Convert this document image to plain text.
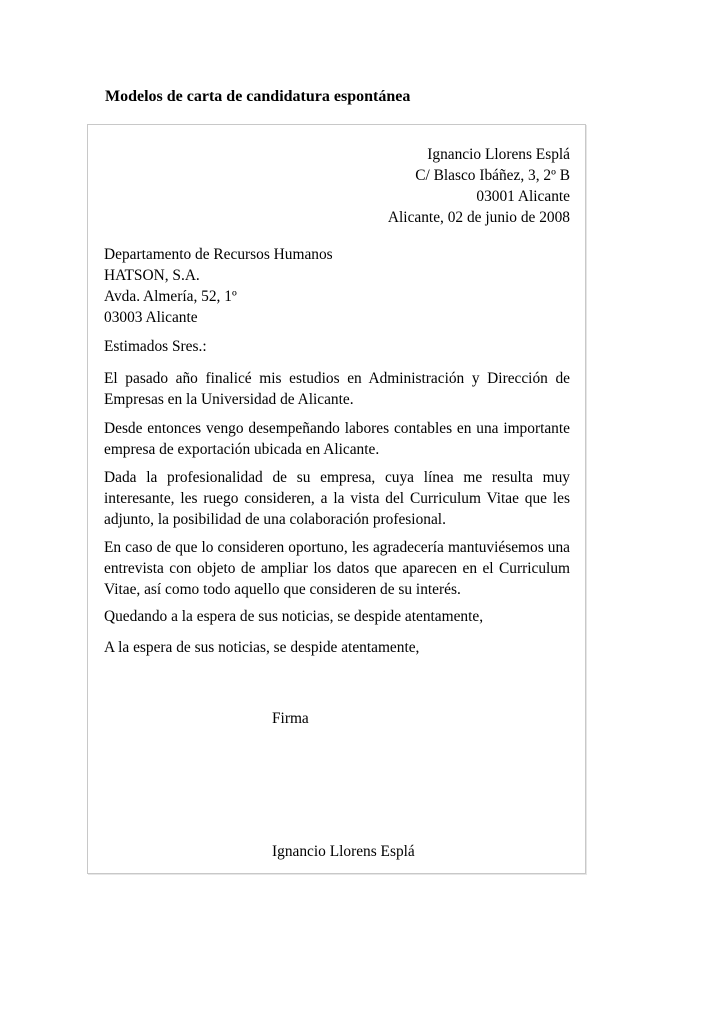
Modelos de carta de candidatura espontánea
Ignancio Llorens Esplá
C/ Blasco Ibáñez, 3, 2º B
03001 Alicante
Alicante, 02 de junio de 2008
Departamento de Recursos Humanos
HATSON, S.A.
Avda. Almería, 52, 1º
03003 Alicante
Estimados Sres.:

El pasado año finalicé mis estudios en Administración y Dirección de Empresas en la Universidad de Alicante.

Desde entonces vengo desempeñando labores contables en una importante empresa de exportación ubicada en Alicante.

Dada la profesionalidad de su empresa, cuya línea me resulta muy interesante, les ruego consideren, a la vista del Curriculum Vitae que les adjunto, la posibilidad de una colaboración profesional.

En caso de que lo consideren oportuno, les agradecería mantuviésemos una entrevista con objeto de ampliar los datos que aparecen en el Curriculum Vitae, así como todo aquello que consideren de su interés.

Quedando a la espera de sus noticias, se despide atentamente,

A la espera de sus noticias, se despide atentamente,

Firma
Ignancio Llorens Esplá
